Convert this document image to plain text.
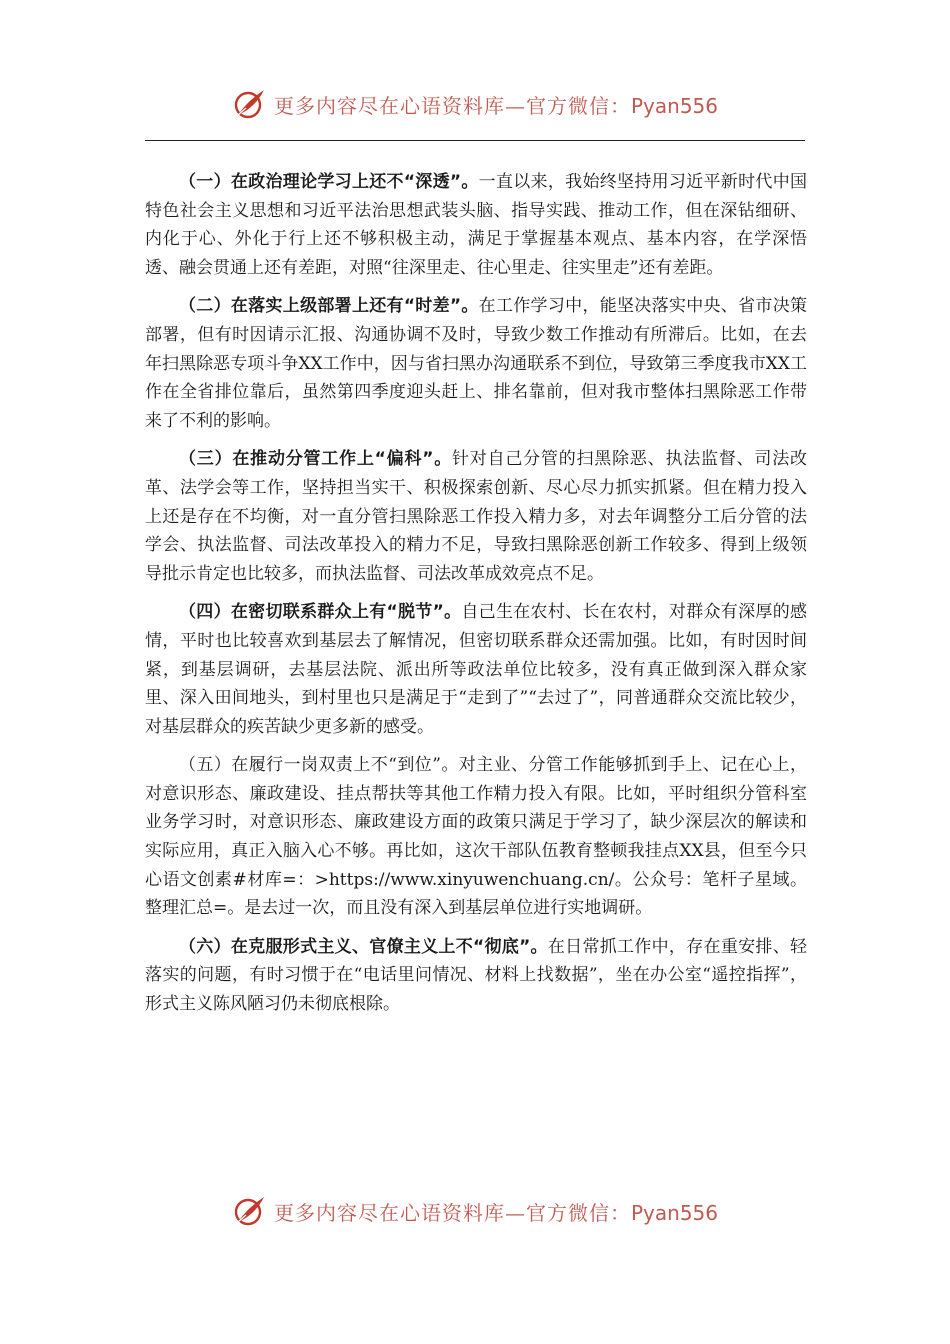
更多内容尽在心语资料库—官方微信：Pyan556

（一）在政治理论学习上还不“深透”。一直以来，我始终坚持用习近平新时代中国特色社会主义思想和习近平法治思想武装头脑、指导实践、推动工作，但在深钻细研、内化于心、外化于行上还不够积极主动，满足于掌握基本观点、基本内容，在学深悟透、融会贯通上还有差距，对照“往深里走、往心里走、往实里走”还有差距。

（二）在落实上级部署上还有“时差”。在工作学习中，能坚决落实中央、省市决策部署，但有时因请示汇报、沟通协调不及时，导致少数工作推动有所滞后。比如，在去年扫黑除恶专项斗争XX工作中，因与省扫黑办沟通联系不到位，导致第三季度我市XX工作在全省排位靠后，虽然第四季度迎头赶上、排名靠前，但对我市整体扫黑除恶工作带来了不利的影响。

（三）在推动分管工作上“偏科”。针对自己分管的扫黑除恶、执法监督、司法改革、法学会等工作，坚持担当实干、积极探索创新、尽心尽力抓实抓紧。但在精力投入上还是存在不均衡，对一直分管扫黑除恶工作投入精力多，对去年调整分工后分管的法学会、执法监督、司法改革投入的精力不足，导致扫黑除恶创新工作较多、得到上级领导批示肯定也比较多，而执法监督、司法改革成效亮点不足。

（四）在密切联系群众上有“脱节”。自己生在农村、长在农村，对群众有深厚的感情，平时也比较喜欢到基层去了解情况，但密切联系群众还需加强。比如，有时因时间紧，到基层调研，去基层法院、派出所等政法单位比较多，没有真正做到深入群众家里、深入田间地头，到村里也只是满足于“走到了”“去过了”，同普通群众交流比较少，对基层群众的疾苦缺少更多新的感受。

（五）在履行一岗双责上不“到位”。对主业、分管工作能够抓到手上、记在心上，对意识形态、廉政建设、挂点帮扶等其他工作精力投入有限。比如，平时组织分管科室业务学习时，对意识形态、廉政建设方面的政策只满足于学习了，缺少深层次的解读和实际应用，真正入脑入心不够。再比如，这次干部队伍教育整顿我挂点XX县，但至今只心语文创素#材库=：>https://www.xinyuwenchuang.cn/。公众号：笔杆子星域。整理汇总=。是去过一次，而且没有深入到基层单位进行实地调研。

（六）在克服形式主义、官僚主义上不“彻底”。在日常抓工作中，存在重安排、轻落实的问题，有时习惯于在“电话里问情况、材料上找数据”，坐在办公室“遥控指挥”，形式主义陈风陋习仍未彻底根除。

更多内容尽在心语资料库—官方微信：Pyan556
